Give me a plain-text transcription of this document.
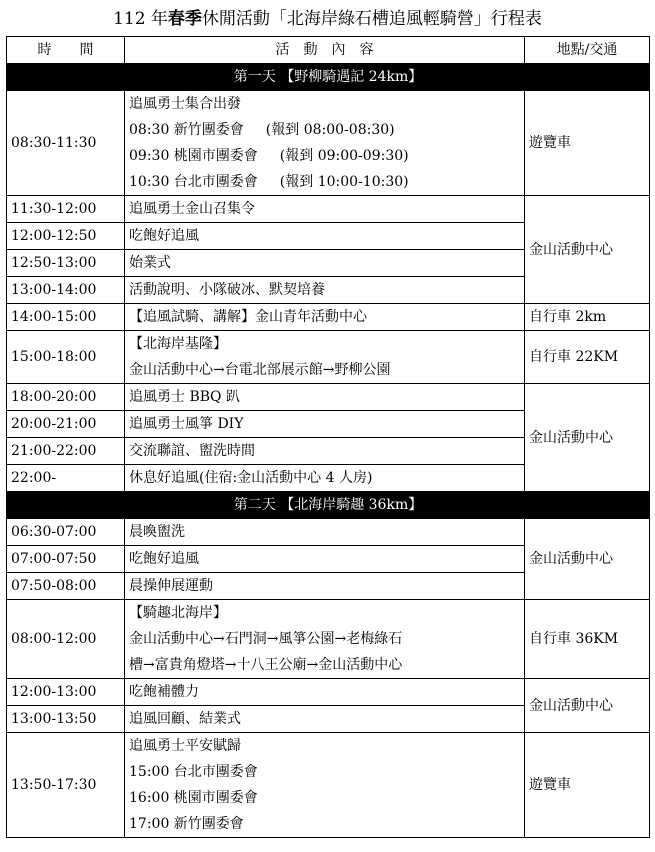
112 年春季休閒活動「北海岸綠石槽追風輕騎營」行程表
時　　間	活　動　內　容	地點/交通
第一天 【野柳騎遇記 24km】		
08:30-11:30	追風勇士集合出發
08:30 新竹團委會 (報到 08:00-08:30)
09:30 桃園市團委會 (報到 09:00-09:30)
10:30 台北市團委會 (報到 10:00-10:30)	遊覽車
11:30-12:00	追風勇士金山召集令	金山活動中心
12:00-12:50	吃飽好追風	
12:50-13:00	始業式	
13:00-14:00	活動說明、小隊破冰、默契培養	
14:00-15:00	【追風試騎、講解】金山青年活動中心	自行車 2km
15:00-18:00	【北海岸基隆】
金山活動中心→台電北部展示館→野柳公園	自行車 22KM
18:00-20:00	追風勇士 BBQ 趴	金山活動中心
20:00-21:00	追風勇士風箏 DIY	
21:00-22:00	交流聯誼、盥洗時間	
22:00-	休息好追風(住宿:金山活動中心 4 人房)	
第二天 【北海岸騎趣 36km】		
06:30-07:00	晨喚盥洗	金山活動中心
07:00-07:50	吃飽好追風	
07:50-08:00	晨操伸展運動	
08:00-12:00	【騎趣北海岸】
金山活動中心→石門洞→風箏公園→老梅綠石
槽→富貴角燈塔→十八王公廟→金山活動中心	自行車 36KM
12:00-13:00	吃飽補體力	金山活動中心
13:00-13:50	追風回顧、結業式	
13:50-17:30	追風勇士平安賦歸
15:00 台北市團委會
16:00 桃園市團委會
17:00 新竹團委會	遊覽車
